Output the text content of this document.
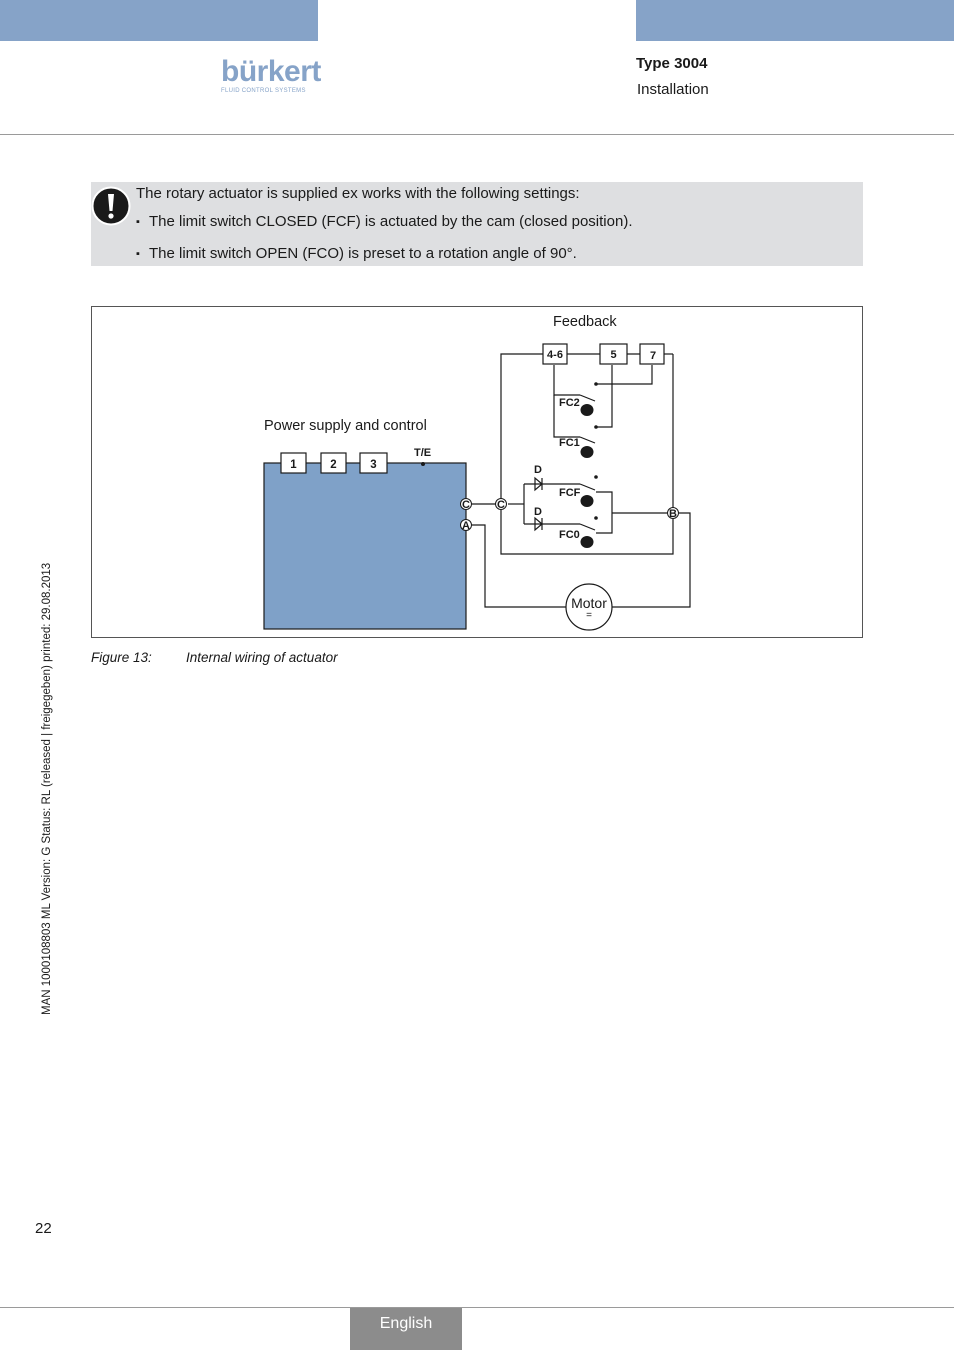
bürkert
FLUID CONTROL SYSTEMS
Type 3004
Installation
The rotary actuator is supplied ex works with the following settings:
▪ The limit switch CLOSED (FCF) is actuated by the cam (closed position).
▪ The limit switch OPEN (FCO) is preset to a rotation angle of 90°.
Feedback
Power supply and control
1	2	3
4-6	5	7
T/E
FC2
FC1
FCF
FC0
D
D
C
A
C
B
Motor
=
Figure 13:	Internal wiring of actuator
MAN 1000108803 ML Version: G Status: RL (released | freigegeben) printed: 29.08.2013
22
English
